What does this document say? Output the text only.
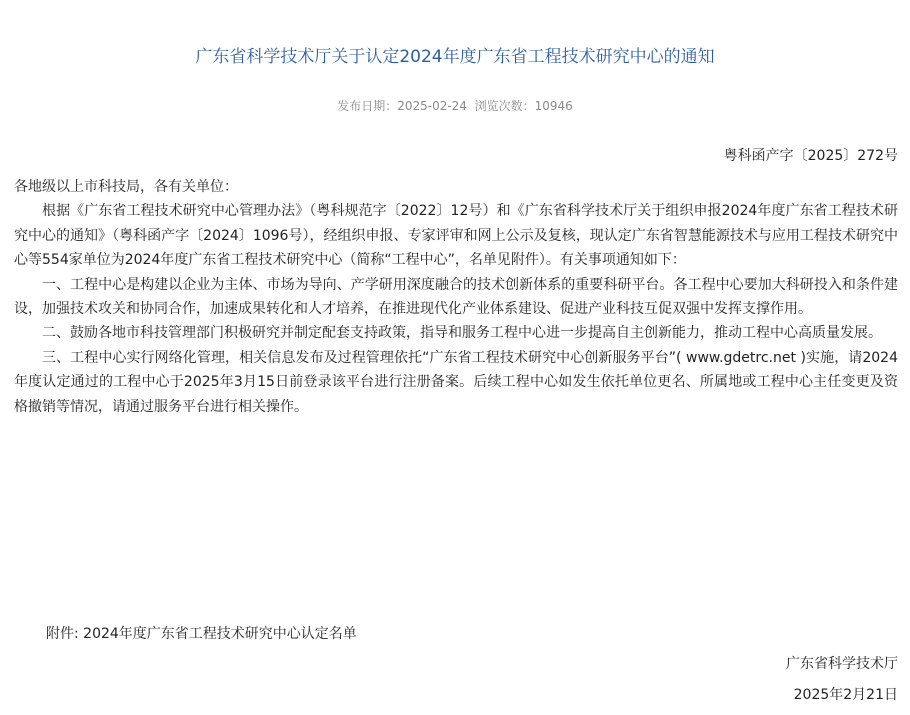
广东省科学技术厅关于认定2024年度广东省工程技术研究中心的通知
发布日期：2025-02-24 浏览次数：10946
粤科函产字〔2025〕272号

各地级以上市科技局，各有关单位：

根据《广东省工程技术研究中心管理办法》（粤科规范字〔2022〕12号）和《广东省科学技术厅关于组织申报2024年度广东省工程技术研究中心的通知》（粤科函产字〔2024〕1096号），经组织申报、专家评审和网上公示及复核，现认定广东省智慧能源技术与应用工程技术研究中心等554家单位为2024年度广东省工程技术研究中心（简称“工程中心”，名单见附件）。有关事项通知如下：

一、工程中心是构建以企业为主体、市场为导向、产学研用深度融合的技术创新体系的重要科研平台。各工程中心要加大科研投入和条件建设，加强技术攻关和协同合作，加速成果转化和人才培养，在推进现代化产业体系建设、促进产业科技互促双强中发挥支撑作用。

二、鼓励各地市科技管理部门积极研究并制定配套支持政策，指导和服务工程中心进一步提高自主创新能力，推动工程中心高质量发展。

三、工程中心实行网络化管理，相关信息发布及过程管理依托“广东省工程技术研究中心创新服务平台”( www.gdetrc.net )实施，请2024年度认定通过的工程中心于2025年3月15日前登录该平台进行注册备案。后续工程中心如发生依托单位更名、所属地或工程中心主任变更及资格撤销等情况，请通过服务平台进行相关操作。

附件: 2024年度广东省工程技术研究中心认定名单
广东省科学技术厅
2025年2月21日
